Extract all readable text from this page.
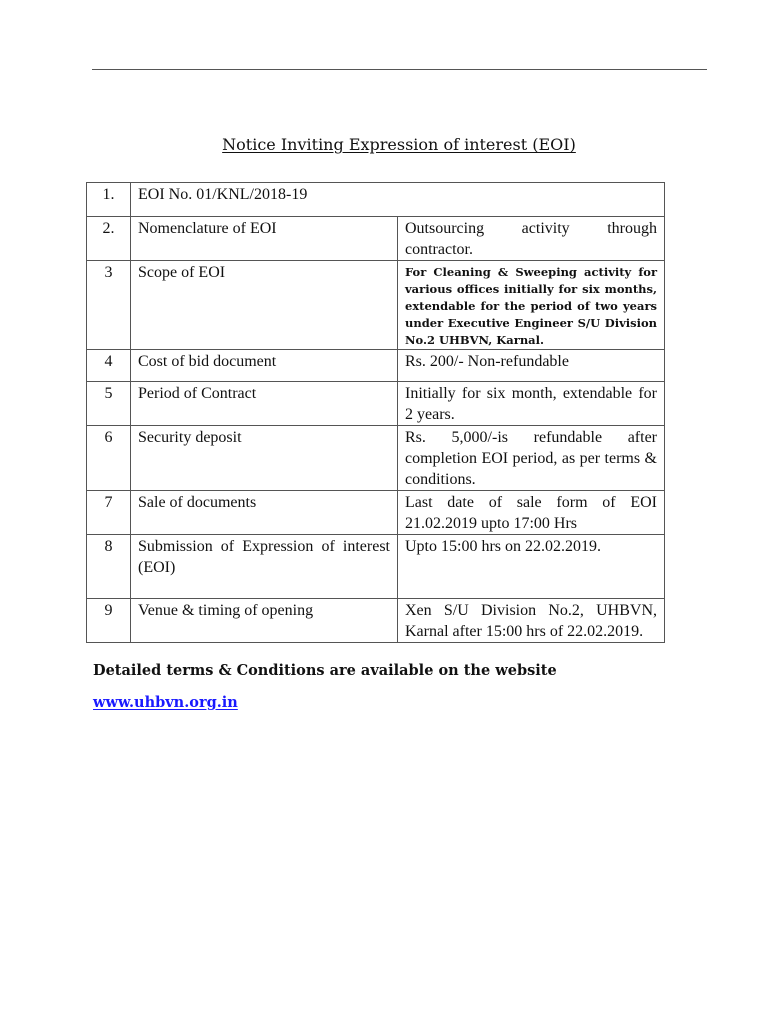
Notice Inviting Expression of interest (EOI)
1.	EOI No. 01/KNL/2018-19	
2.	Nomenclature of EOI	Outsourcing activity through contractor.
3	Scope of EOI	For Cleaning & Sweeping activity for various offices initially for six months, extendable for the period of two years under Executive Engineer S/U Division No.2 UHBVN, Karnal.
4	Cost of bid document	Rs. 200/- Non-refundable
5	Period of Contract	Initially for six month, extendable for 2 years.
6	Security deposit	Rs. 5,000/-is refundable after completion EOI period, as per terms & conditions.
7	Sale of documents	Last date of sale form of EOI 21.02.2019 upto 17:00 Hrs
8	Submission of Expression of interest (EOI)	Upto 15:00 hrs on 22.02.2019.
9	Venue & timing of opening	Xen S/U Division No.2, UHBVN, Karnal after 15:00 hrs of 22.02.2019.
Detailed terms & Conditions are available on the website
www.uhbvn.org.in
